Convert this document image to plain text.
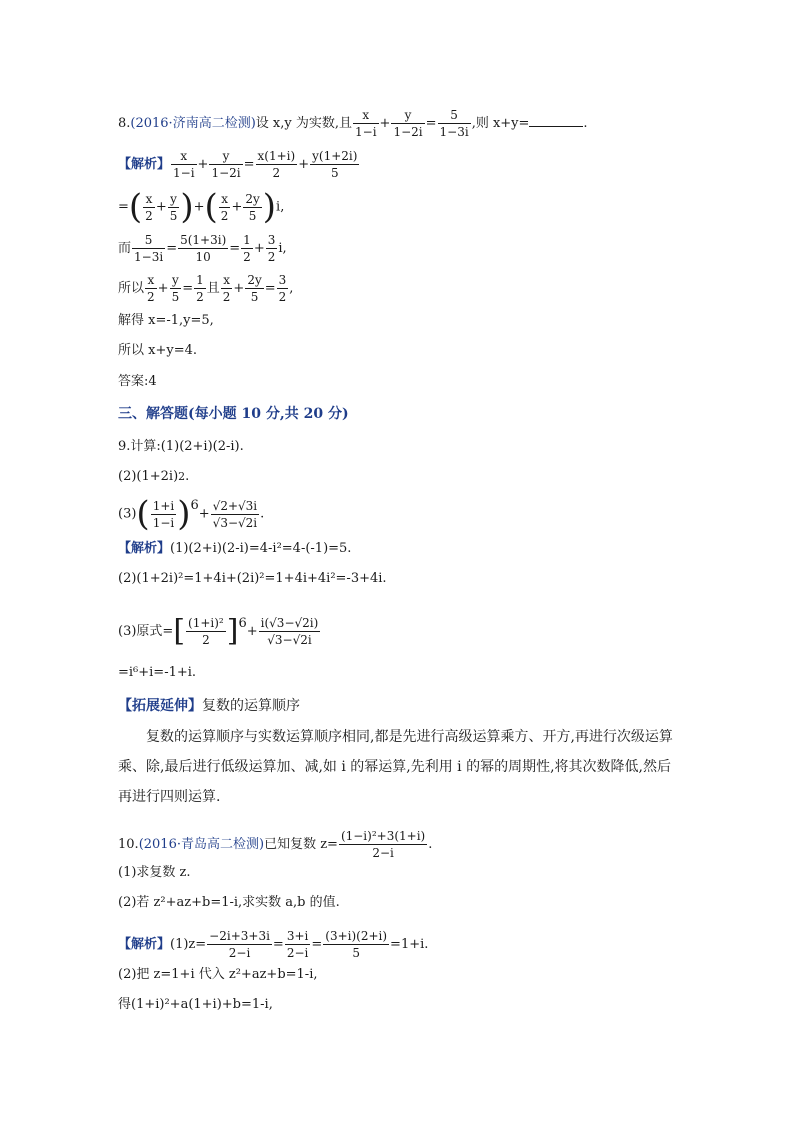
8.(2016·济南高二检测)设 x,y 为实数,且 $\frac{x}{1-i} + \frac{y}{1-2i} = \frac{5}{1-3i}$ ,则 x+y=	.
【解析】 $\frac{x}{1-i} + \frac{y}{1-2i} = \frac{x(1+i)}{2} + \frac{y(1+2i)}{5}$
=( $\frac{x}{2} + \frac{y}{5}$ )+( $\frac{x}{2} + \frac{2y}{5} )i$,
而 $\frac{5}{1-3i} = \frac{5(1+3i)}{10} = \frac{1}{2} + \frac{3}{2} i$,
所以 $\frac{x}{2} + \frac{y}{5} = \frac{1}{2}$ 且 $\frac{x}{2} + \frac{2y}{5} = \frac{3}{2}$ ,
解得 x=-1,y=5,
所以 x+y=4.
答案:4
三、解答题(每小题 10 分,共 20 分)
9.计算:(1)(2+i)(2-i).
$(2)(1+2i)^2$.
$(3)( \frac{1+i}{1-i} )6+ \frac{√2+√3i}{√3-√2i}$ .
【解析】(1)(2+i)(2-i)=4-i²=4-(-1)=5.
(2)(1+2i)²=1+4i+(2i)²=1+4i+4i²=-3+4i.
(3)原式=[ $\frac{\text{(1+i)²}}{2} ]6+ \frac{i(√3-√2i)}{√3-√2i}$
=i⁶+i=-1+i.
【拓展延伸】复数的运算顺序
复数的运算顺序与实数运算顺序相同,都是先进行高级运算乘方、开方,再进行次级运算乘、除,最后进行低级运算加、减,如 i 的幂运算,先利用 i 的幂的周期性,将其次数降低,然后再进行四则运算.
10.(2016·青岛高二检测)已知复数 $z= \frac{\text{(1−i)²+3(1+i)}}{2-i}$ .
(1)求复数 z.
(2)若 z²+az+b=1-i,求实数 a,b 的值.
【解析】$(1)z= \frac{-2i+3+3i}{2-i} = \frac{3+i}{2-i} = \frac{(3+i)(2+i)}{5} =1+i$.
(2)把 z=1+i 代入 z²+az+b=1-i,
得(1+i)²+a(1+i)+b=1-i,
